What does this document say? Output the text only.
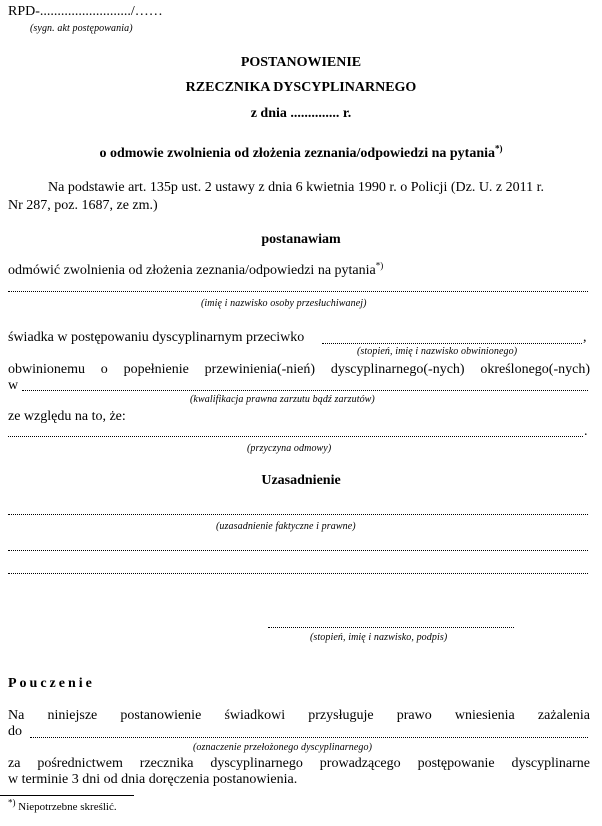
RPD-........................../……
(sygn. akt postępowania)
POSTANOWIENIE
RZECZNIKA DYSCYPLINARNEGO
z dnia .............. r.
o odmowie zwolnienia od złożenia zeznania/odpowiedzi na pytania*)
Na podstawie art. 135p ust. 2 ustawy z dnia 6 kwietnia 1990 r. o Policji (Dz. U. z 2011 r.
Nr 287, poz. 1687, ze zm.)
postanawiam
odmówić zwolnienia od złożenia zeznania/odpowiedzi na pytania*)
(imię i nazwisko osoby przesłuchiwanej)
świadka w postępowaniu dyscyplinarnym przeciwko	,
(stopień, imię i nazwisko obwinionego)
obwinionemu o popełnienie przewinienia(-nień) dyscyplinarnego(-nych) określonego(-nych)
w
(kwalifikacja prawna zarzutu bądź zarzutów)
ze względu na to, że:
.
(przyczyna odmowy)
Uzasadnienie
(uzasadnienie faktyczne i prawne)
(stopień, imię i nazwisko, podpis)
Pouczenie
Na niniejsze postanowienie świadkowi przysługuje prawo wniesienia zażalenia
do
(oznaczenie przełożonego dyscyplinarnego)
za pośrednictwem rzecznika dyscyplinarnego prowadzącego postępowanie dyscyplinarne
w terminie 3 dni od dnia doręczenia postanowienia.
*) Niepotrzebne skreślić.
